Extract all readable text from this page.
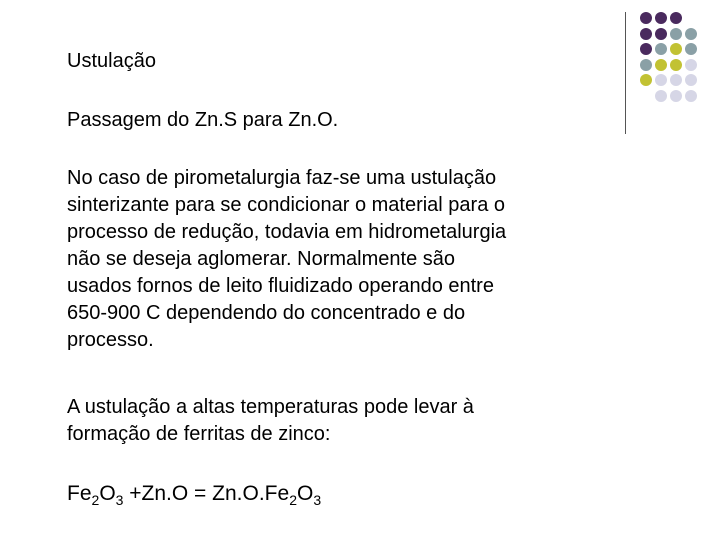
Ustulação

Passagem do Zn.S para Zn.O.

No caso de pirometalurgia faz-se uma ustulação
sinterizante para se condicionar o material para o
processo de redução, todavia em hidrometalurgia
não se deseja aglomerar. Normalmente são
usados fornos de leito fluidizado operando entre
650-900 C dependendo do concentrado e do
processo.
A ustulação a altas temperaturas pode levar à
formação de ferritas de zinco:

$Fe_2O_3 +Zn.O = Zn.O.Fe_2O_3$
